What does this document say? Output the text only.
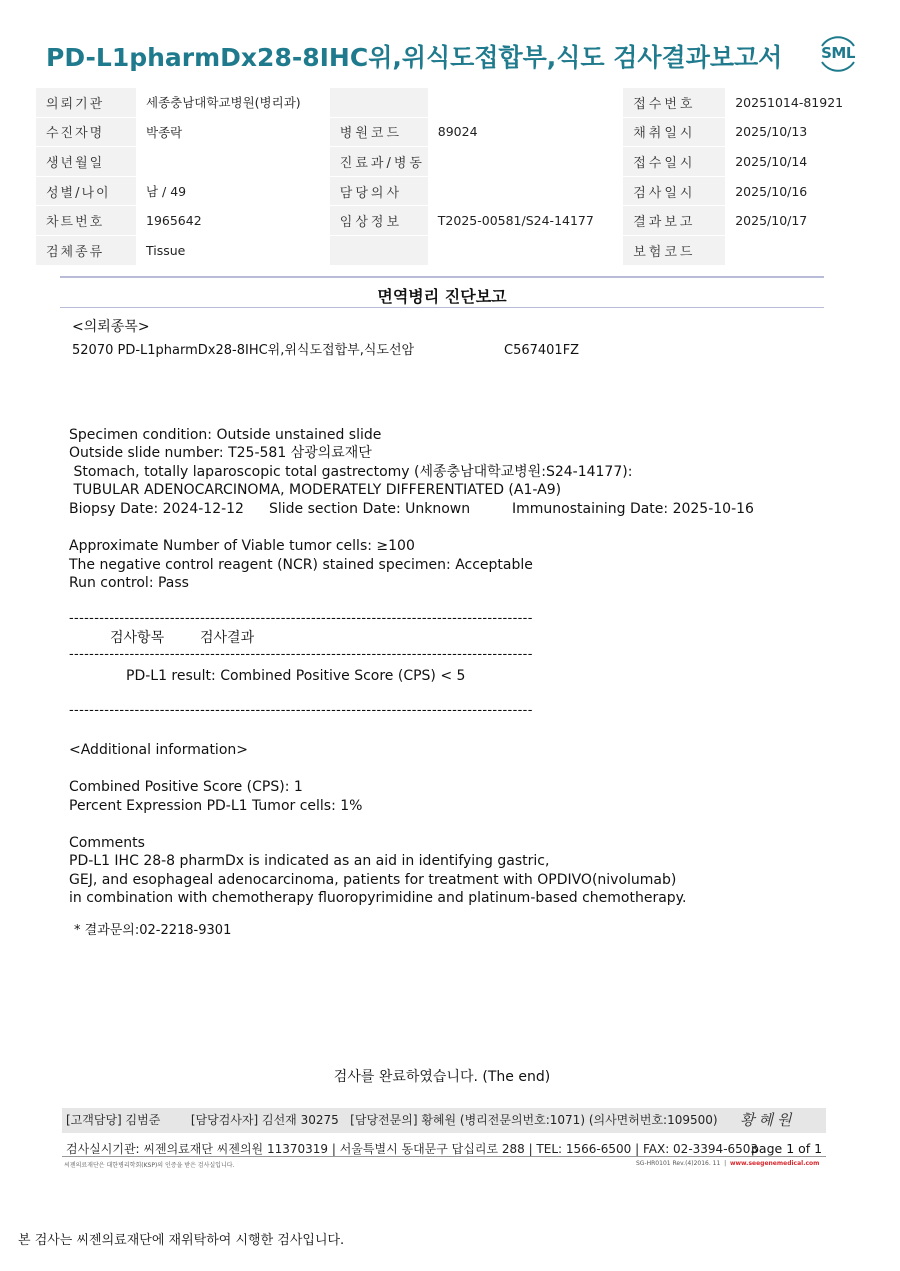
PD-L1pharmDx28-8IHC위,위식도접합부,식도 검사결과보고서	SML
의뢰기관	세종충남대학교병원(병리과)			접수번호	20251014-81921
수진자명	박종락	병원코드	89024	채취일시	2025/10/13
생년월일		진료과/병동		접수일시	2025/10/14
성별/나이	남 / 49	담당의사		검사일시	2025/10/16
차트번호	1965642	임상정보	T2025-00581/S24-14177	결과보고	2025/10/17
검체종류	Tissue			보험코드	
면역병리 진단보고
<의뢰종목>
52070 PD-L1pharmDx28-8IHC위,위식도접합부,식도선암	C567401FZ
Specimen condition: Outside unstained slide
Outside slide number: T25-581 삼광의료재단
Stomach, totally laparoscopic total gastrectomy (세종충남대학교병원:S24-14177):
TUBULAR ADENOCARCINOMA, MODERATELY DIFFERENTIATED (A1-A9)
Biopsy Date: 2024-12-12 Slide section Date: Unknown	Immunostaining Date: 2025-10-16
Approximate Number of Viable tumor cells: ≥100
The negative control reagent (NCR) stained specimen: Acceptable
Run control: Pass
--------------------------------------------------------------------------------------------
검사항목	검사결과
--------------------------------------------------------------------------------------------
PD-L1 result: Combined Positive Score (CPS) < 5
--------------------------------------------------------------------------------------------
<Additional information>
Combined Positive Score (CPS): 1
Percent Expression PD-L1 Tumor cells: 1%
Comments
PD-L1 IHC 28-8 pharmDx is indicated as an aid in identifying gastric,
GEJ, and esophageal adenocarcinoma, patients for treatment with OPDIVO(nivolumab)
in combination with chemotherapy fluoropyrimidine and platinum-based chemotherapy.
* 결과문의:02-2218-9301
검사를 완료하였습니다. (The end)
[고객담당] 김범준        [담당검사자] 김선재 30275   [담당전문의] 황혜원 (병리전문의번호:1071) (의사면허번호:109500) 황혜원
검사실시기관: 씨젠의료재단 씨젠의원 11370319 | 서울특별시 동대문구 답십리로 288 | TEL: 1566-6500 | FAX: 02-3394-6503
page 1 of 1
씨젠의료재단은 대한병리학회(KSP)의 인증을 받은 검사실입니다.	SG-HR0101 Rev.(4)2016. 11  |  www.seegenemedical.com
본 검사는 씨젠의료재단에 재위탁하여 시행한 검사입니다.
